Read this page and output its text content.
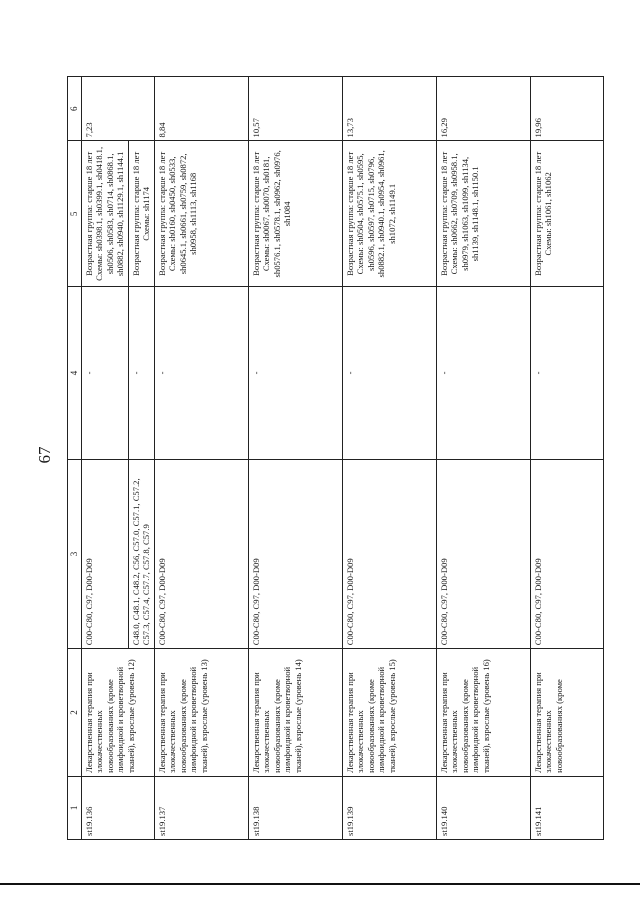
67
1	2	3	4	5	6
st19.136	Лекарственная терапия при злокачественных новообразованиях (кроме лимфоидной и кроветворной тканей), взрослые (уровень 12)	C00-C80, C97, D00-D09	-	Возрастная группа: старше 18 лет
Схемы: sh0398.1, sh0399.1, sh0418.1, sh0506, sh0583, sh0714, sh0868.1, sh0882, sh0940, sh1129.1, sh1144.1	7,23
		C48.0, C48.1, C48.2, C56, C57.0, C57.1, C57.2, C57.3, C57.4, C57.7, C57.8, C57.9	-	Возрастная группа: старше 18 лет
Схемы: sh1174	
st19.137	Лекарственная терапия при злокачественных новообразованиях (кроме лимфоидной и кроветворной тканей), взрослые (уровень 13)	C00-C80, C97, D00-D09	-	Возрастная группа: старше 18 лет
Схемы: sh0160, sh0450, sh0533, sh0645.1, sh0661, sh0759, sh0872, sh0958, sh1113, sh1168	8,84
st19.138	Лекарственная терапия при злокачественных новообразованиях (кроме лимфоидной и кроветворной тканей), взрослые (уровень 14)	C00-C80, C97, D00-D09	-	Возрастная группа: старше 18 лет
Схемы: sh0067, sh0070, sh0181, sh0576.1, sh0578.1, sh0962, sh0976, sh1084	10,57
st19.139	Лекарственная терапия при злокачественных новообразованиях (кроме лимфоидной и кроветворной тканей), взрослые (уровень 15)	C00-C80, C97, D00-D09	-	Возрастная группа: старше 18 лет
Схемы: sh0504, sh0575.1, sh0595, sh0596, sh0597, sh0715, sh0796, sh0882.1, sh0940.1, sh0954, sh0961, sh1072, sh1149.1	13,73
st19.140	Лекарственная терапия при злокачественных новообразованиях (кроме лимфоидной и кроветворной тканей), взрослые (уровень 16)	C00-C80, C97, D00-D09	-	Возрастная группа: старше 18 лет
Схемы: sh0662, sh0709, sh0958.1, sh0979, sh1063, sh1099, sh1134, sh1139, sh1148.1, sh1150.1	16,29
st19.141	Лекарственная терапия при злокачественных новообразованиях (кроме	C00-C80, C97, D00-D09	-	Возрастная группа: старше 18 лет
Схемы: sh1061, sh1062	19,96
